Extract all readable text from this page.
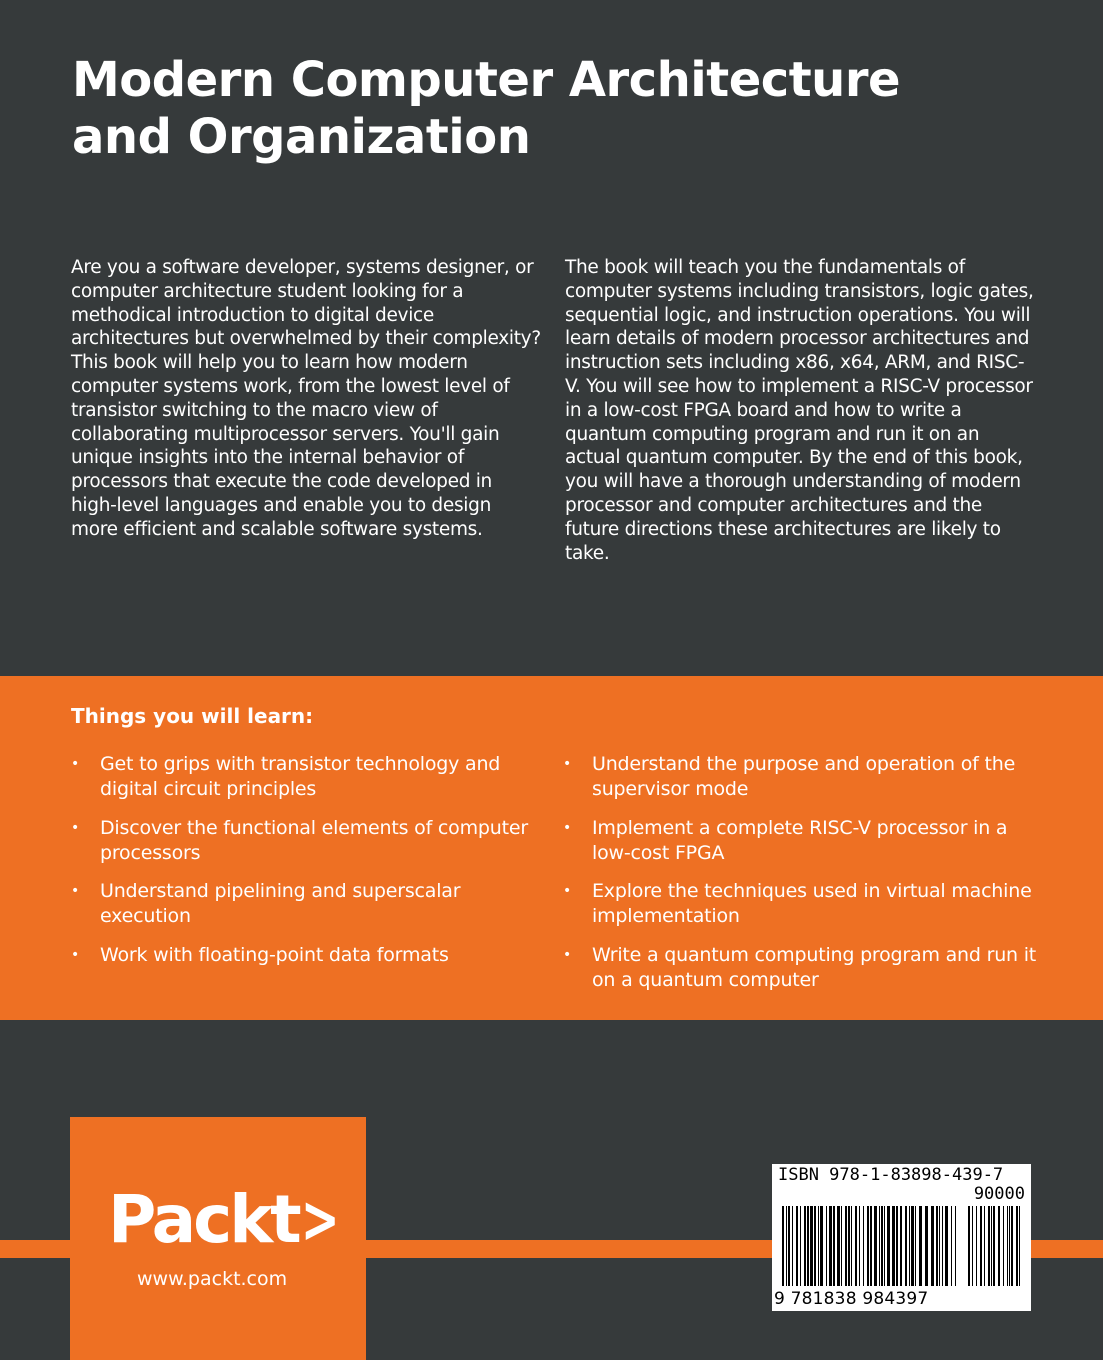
Modern Computer Architecture
and Organization

Are you a software developer, systems designer, or computer architecture student looking for a methodical introduction to digital device architectures but overwhelmed by their complexity? This book will help you to learn how modern computer systems work, from the lowest level of transistor switching to the macro view of collaborating multiprocessor servers. You'll gain unique insights into the internal behavior of processors that execute the code developed in high-level languages and enable you to design more efficient and scalable software systems.

The book will teach you the fundamentals of computer systems including transistors, logic gates, sequential logic, and instruction operations. You will learn details of modern processor architectures and instruction sets including x86, x64, ARM, and RISC-V. You will see how to implement a RISC-V processor in a low-cost FPGA board and how to write a quantum computing program and run it on an actual quantum computer. By the end of this book, you will have a thorough understanding of modern processor and computer architectures and the future directions these architectures are likely to take.

Things you will learn:
• Get to grips with transistor technology and digital circuit principles
• Discover the functional elements of computer processors
• Understand pipelining and superscalar execution
• Work with floating-point data formats
• Understand the purpose and operation of the supervisor mode
• Implement a complete RISC-V processor in a low-cost FPGA
• Explore the techniques used in virtual machine implementation
• Write a quantum computing program and run it on a quantum computer
Packt>
www.packt.com
ISBN 978-1-83898-439-7
90000
9 781838 984397
